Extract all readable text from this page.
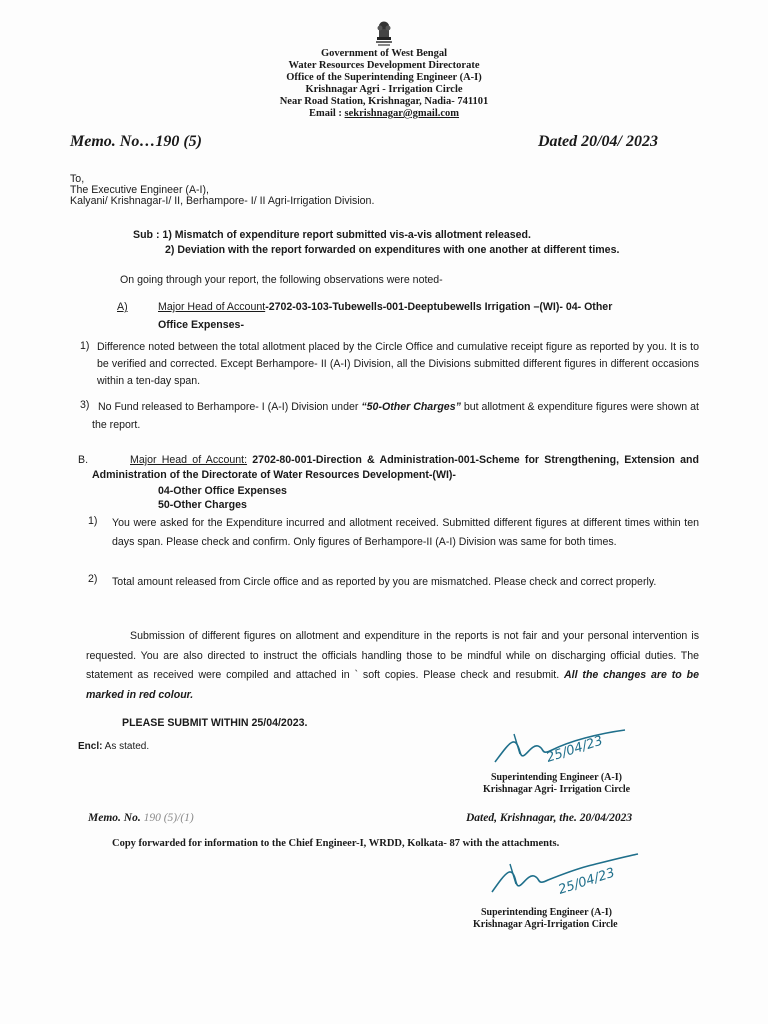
Government of West Bengal
Water Resources Development Directorate
Office of the Superintending Engineer (A-I)
Krishnagar Agri - Irrigation Circle
Near Road Station, Krishnagar, Nadia- 741101
Email : sekrishnagar@gmail.com
Memo. No…190 (5)	Dated 20/04/ 2023
To,
The Executive Engineer (A-I),
Kalyani/ Krishnagar-I/ II, Berhampore- I/ II Agri-Irrigation Division.
Sub : 1) Mismatch of expenditure report submitted vis-a-vis allotment released.
2) Deviation with the report forwarded on expenditures with one another at different times.
On going through your report, the following observations were noted-
A)	Major Head of Account-2702-03-103-Tubewells-001-Deeptubewells Irrigation –(WI)- 04- Other
Office Expenses-
1) Difference noted between the total allotment placed by the Circle Office and cumulative receipt figure as reported by you. It is to be verified and corrected. Except Berhampore- II (A-I) Division, all the Divisions submitted different figures in different occasions within a ten-day span.
3) No Fund released to Berhampore- I (A-I) Division under “50-Other Charges” but allotment & expenditure figures were shown at the report.
B.	Major Head of Account: 2702-80-001-Direction & Administration-001-Scheme for Strengthening, Extension and Administration of the Directorate of Water Resources Development-(WI)-
04-Other Office Expenses
50-Other Charges
1) You were asked for the Expenditure incurred and allotment received. Submitted different figures at different times within ten days span. Please check and confirm. Only figures of Berhampore-II (A-I) Division was same for both times.
2) Total amount released from Circle office and as reported by you are mismatched. Please check and correct properly.
Submission of different figures on allotment and expenditure in the reports is not fair and your personal intervention is requested. You are also directed to instruct the officials handling those to be mindful while on discharging official duties. The statement as received were compiled and attached in ` soft copies. Please check and resubmit. All the changes are to be marked in red colour.
PLEASE SUBMIT WITHIN 25/04/2023.
Encl: As stated.	25/04/23
Superintending Engineer (A-I)
Krishnagar Agri- Irrigation Circle
Memo. No. 190 (5)/(1)	Dated, Krishnagar, the. 20/04/2023
Copy forwarded for information to the Chief Engineer-I, WRDD, Kolkata- 87 with the attachments.
25/04/23
Superintending Engineer (A-I)
Krishnagar Agri-Irrigation Circle
